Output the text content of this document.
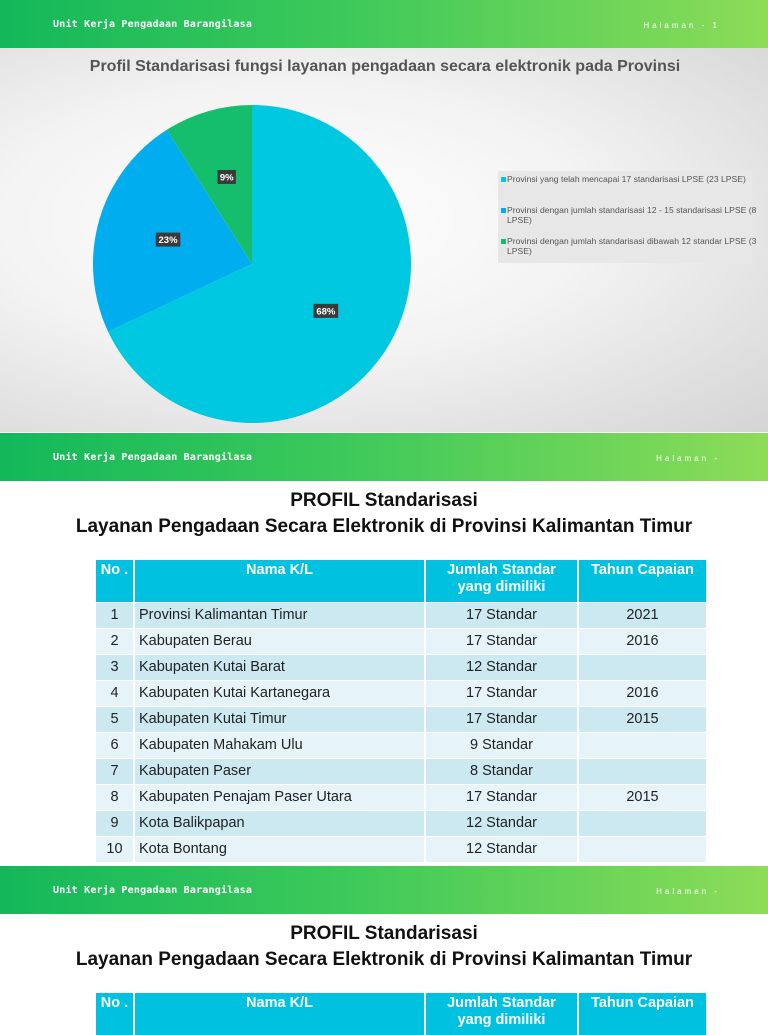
Unit Kerja Pengadaan Barangilasa	Halaman - 1
68%
23%
9%
Profil Standarisasi fungsi layanan pengadaan secara elektronik pada Provinsi
Provinsi yang telah mencapai 17 standarisasi LPSE (23 LPSE)
Provinsi dengan jumlah standarisasi 12 - 15 standarisasi LPSE (8 LPSE)
Provinsi dengan jumlah standarisasi dibawah 12 standar LPSE (3 LPSE)
Unit Kerja Pengadaan Barangilasa	Halaman -
PROFIL Standarisasi
Layanan Pengadaan Secara Elektronik di Provinsi Kalimantan Timur
No .	Nama K/L	Jumlah Standar yang dimiliki	Tahun Capaian
1	Provinsi Kalimantan Timur	17 Standar	2021
2	Kabupaten Berau	17 Standar	2016
3	Kabupaten Kutai Barat	12 Standar	
4	Kabupaten Kutai Kartanegara	17 Standar	2016
5	Kabupaten Kutai Timur	17 Standar	2015
6	Kabupaten Mahakam Ulu	9 Standar	
7	Kabupaten Paser	8 Standar	
8	Kabupaten Penajam Paser Utara	17 Standar	2015
9	Kota Balikpapan	12 Standar	
10	Kota Bontang	12 Standar	
Unit Kerja Pengadaan Barangilasa	Halaman -
PROFIL Standarisasi
Layanan Pengadaan Secara Elektronik di Provinsi Kalimantan Timur
No .	Nama K/L	Jumlah Standar yang dimiliki	Tahun Capaian
